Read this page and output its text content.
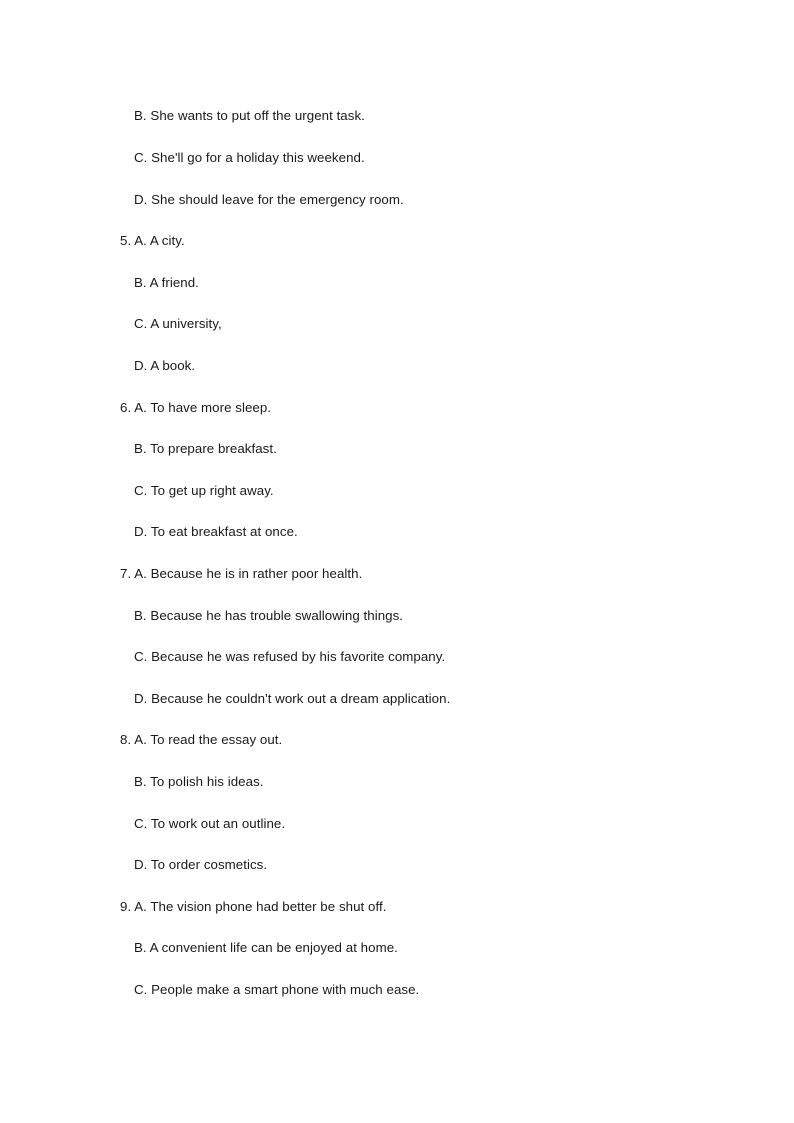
B. She wants to put off the urgent task.
C. She'll go for a holiday this weekend.
D. She should leave for the emergency room.
5. A. A city.
B. A friend.
C. A university,
D. A book.
6. A. To have more sleep.
B. To prepare breakfast.
C. To get up right away.
D. To eat breakfast at once.
7. A. Because he is in rather poor health.
B. Because he has trouble swallowing things.
C. Because he was refused by his favorite company.
D. Because he couldn't work out a dream application.
8. A. To read the essay out.
B. To polish his ideas.
C. To work out an outline.
D. To order cosmetics.
9. A. The vision phone had better be shut off.
B. A convenient life can be enjoyed at home.
C. People make a smart phone with much ease.
